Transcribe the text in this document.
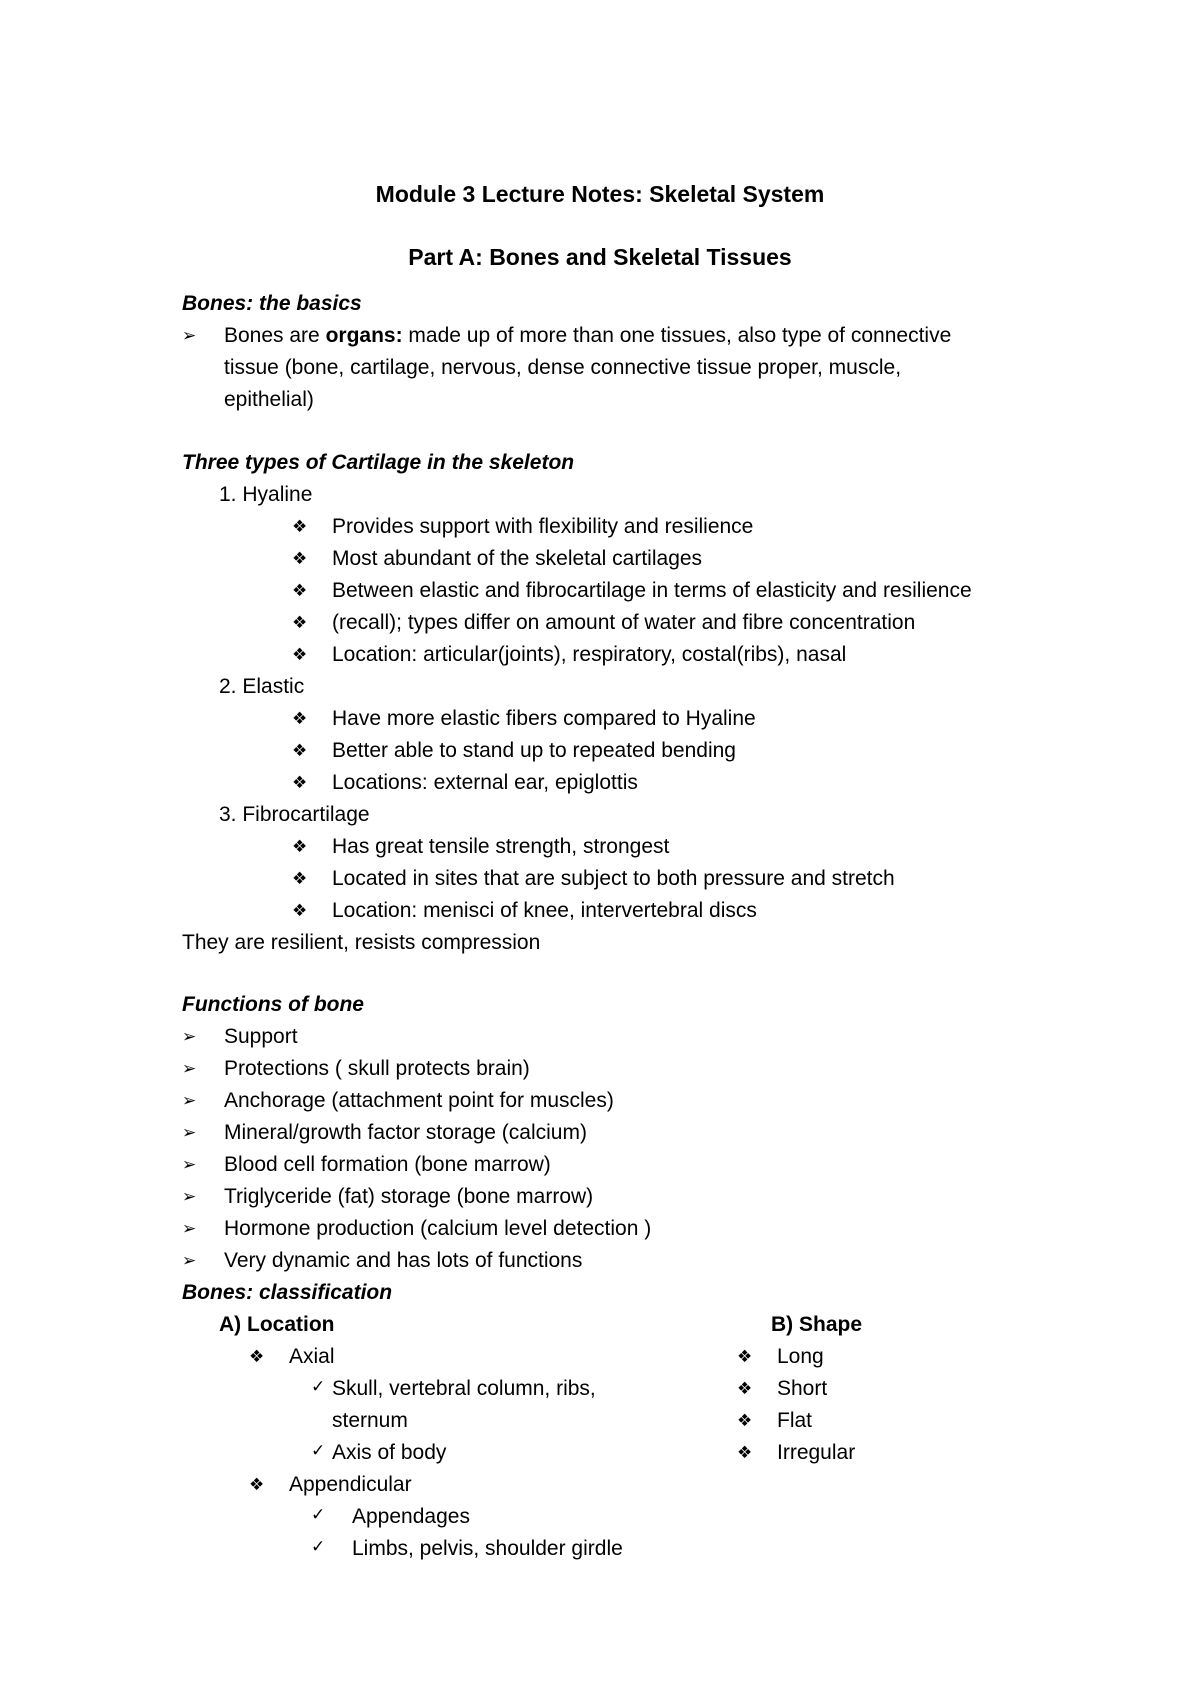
Module 3 Lecture Notes: Skeletal System
Part A: Bones and Skeletal Tissues
Bones: the basics
➢ Bones are organs: made up of more than one tissues, also type of connective
tissue (bone, cartilage, nervous, dense connective tissue proper, muscle,
epithelial)
Three types of Cartilage in the skeleton
1. Hyaline
❖ Provides support with flexibility and resilience
❖ Most abundant of the skeletal cartilages
❖ Between elastic and fibrocartilage in terms of elasticity and resilience
❖ (recall); types differ on amount of water and fibre concentration
❖ Location: articular(joints), respiratory, costal(ribs), nasal
2. Elastic
❖ Have more elastic fibers compared to Hyaline
❖ Better able to stand up to repeated bending
❖ Locations: external ear, epiglottis
3. Fibrocartilage
❖ Has great tensile strength, strongest
❖ Located in sites that are subject to both pressure and stretch
❖ Location: menisci of knee, intervertebral discs
They are resilient, resists compression
Functions of bone
➢ Support
➢ Protections ( skull protects brain)
➢ Anchorage (attachment point for muscles)
➢ Mineral/growth factor storage (calcium)
➢ Blood cell formation (bone marrow)
➢ Triglyceride (fat) storage (bone marrow)
➢ Hormone production (calcium level detection )
➢ Very dynamic and has lots of functions
Bones: classification
A) Location
❖ Axial
✓ Skull, vertebral column, ribs,
sternum
✓ Axis of body
❖ Appendicular
✓ Appendages
✓ Limbs, pelvis, shoulder girdle
B) Shape
❖ Long
❖ Short
❖ Flat
❖ Irregular
